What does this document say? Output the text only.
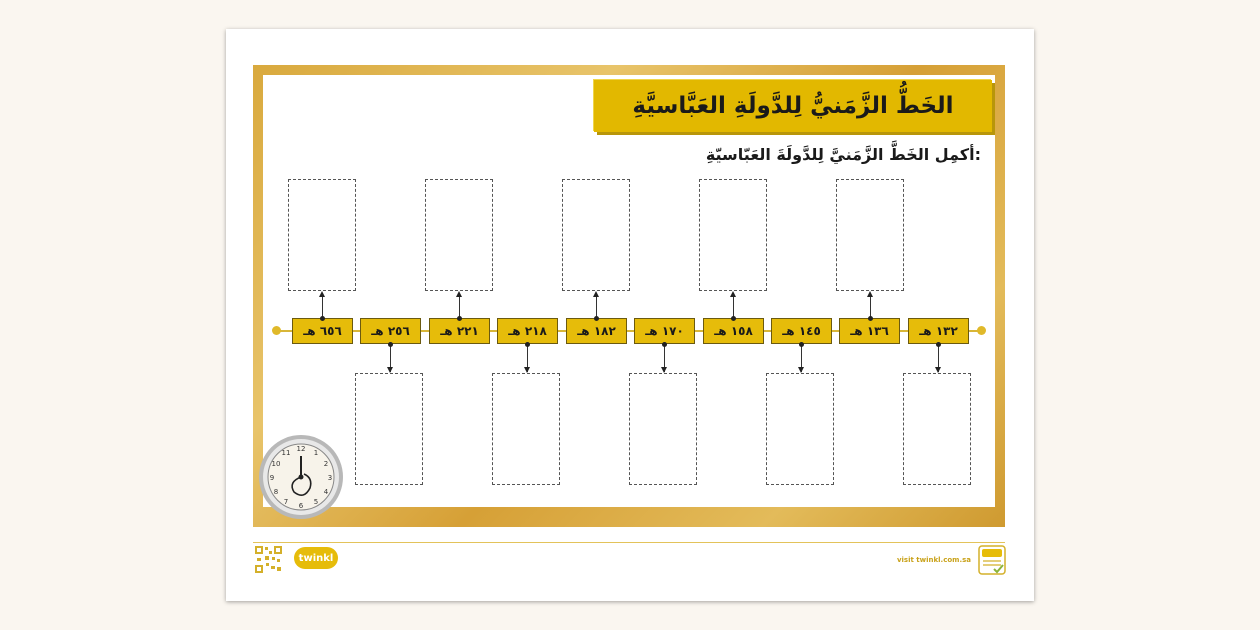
الخَطُّ الزَّمَنيُّ لِلدَّولَةِ العَبَّاسيَّةِ
أكمِل الخَطَّ الزَّمَنيَّ لِلدَّولَةَ العَبّاسيّةِ:
١٣٢ هـ
١٣٦ هـ
١٤٥ هـ
١٥٨ هـ
١٧٠ هـ
١٨٢ هـ
٢١٨ هـ
٢٢١ هـ
٢٥٦ هـ
٦٥٦ هـ
12 1
2
3
4
5
6
7
8
9
10
11
twinkl	visit twinkl.com.sa
